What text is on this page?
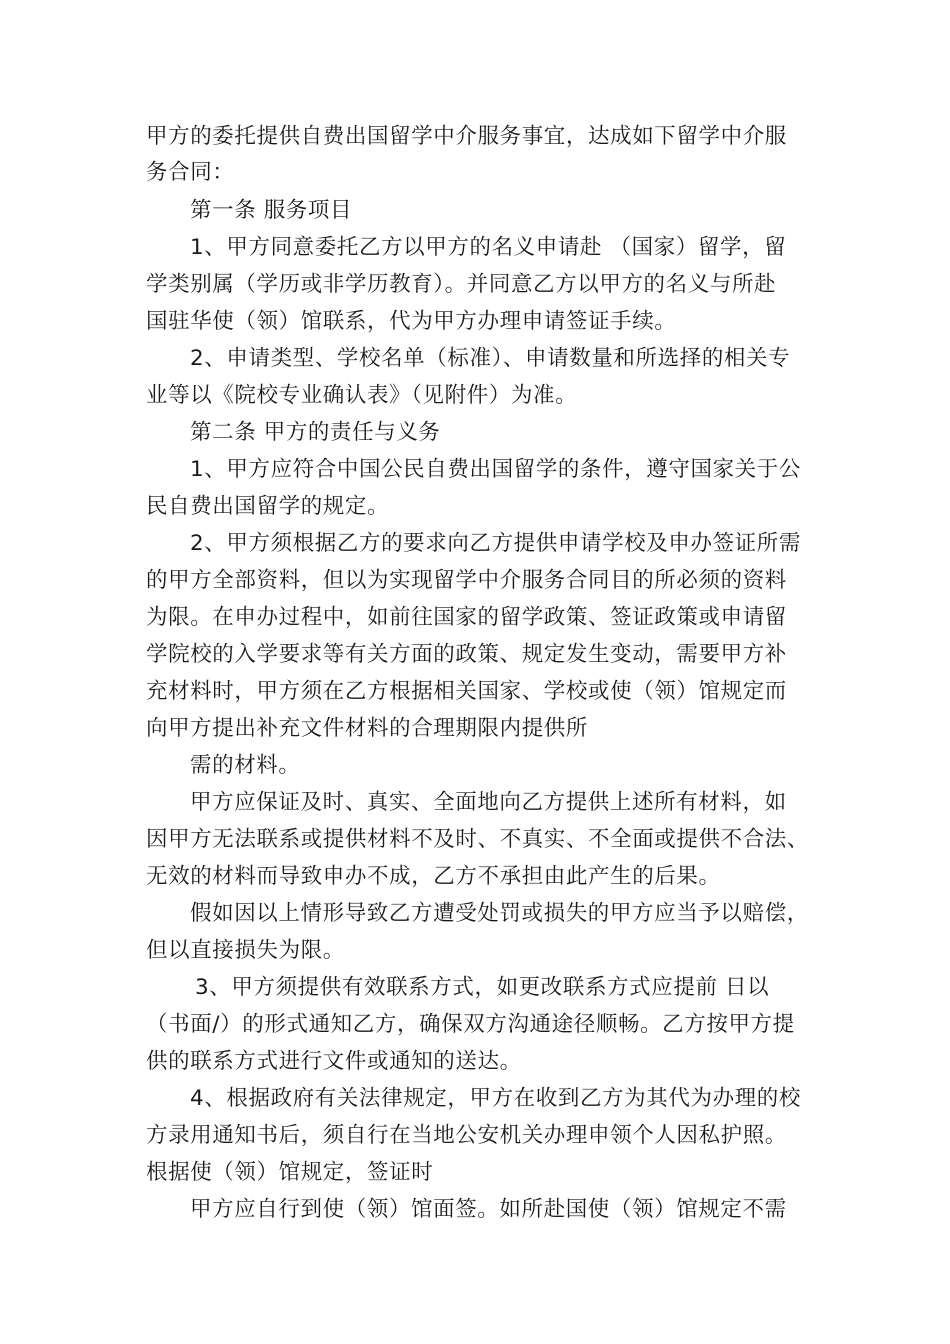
甲方的委托提供自费出国留学中介服务事宜，达成如下留学中介服
务合同：
第一条 服务项目
1、甲方同意委托乙方以甲方的名义申请赴 （国家）留学，留
学类别属（学历或非学历教育）。并同意乙方以甲方的名义与所赴
国驻华使（领）馆联系，代为甲方办理申请签证手续。
2、申请类型、学校名单（标准）、申请数量和所选择的相关专
业等以《院校专业确认表》（见附件）为准。
第二条 甲方的责任与义务
1、甲方应符合中国公民自费出国留学的条件，遵守国家关于公
民自费出国留学的规定。
2、甲方须根据乙方的要求向乙方提供申请学校及申办签证所需
的甲方全部资料，但以为实现留学中介服务合同目的所必须的资料
为限。在申办过程中，如前往国家的留学政策、签证政策或申请留
学院校的入学要求等有关方面的政策、规定发生变动，需要甲方补
充材料时，甲方须在乙方根据相关国家、学校或使（领）馆规定而
向甲方提出补充文件材料的合理期限内提供所
需的材料。
甲方应保证及时、真实、全面地向乙方提供上述所有材料，如
因甲方无法联系或提供材料不及时、不真实、不全面或提供不合法、
无效的材料而导致申办不成，乙方不承担由此产生的后果。
假如因以上情形导致乙方遭受处罚或损失的甲方应当予以赔偿，
但以直接损失为限。
3、甲方须提供有效联系方式，如更改联系方式应提前 日以
（书面/）的形式通知乙方，确保双方沟通途径顺畅。乙方按甲方提
供的联系方式进行文件或通知的送达。
4、根据政府有关法律规定，甲方在收到乙方为其代为办理的校
方录用通知书后，须自行在当地公安机关办理申领个人因私护照。
根据使（领）馆规定，签证时
甲方应自行到使（领）馆面签。如所赴国使（领）馆规定不需
